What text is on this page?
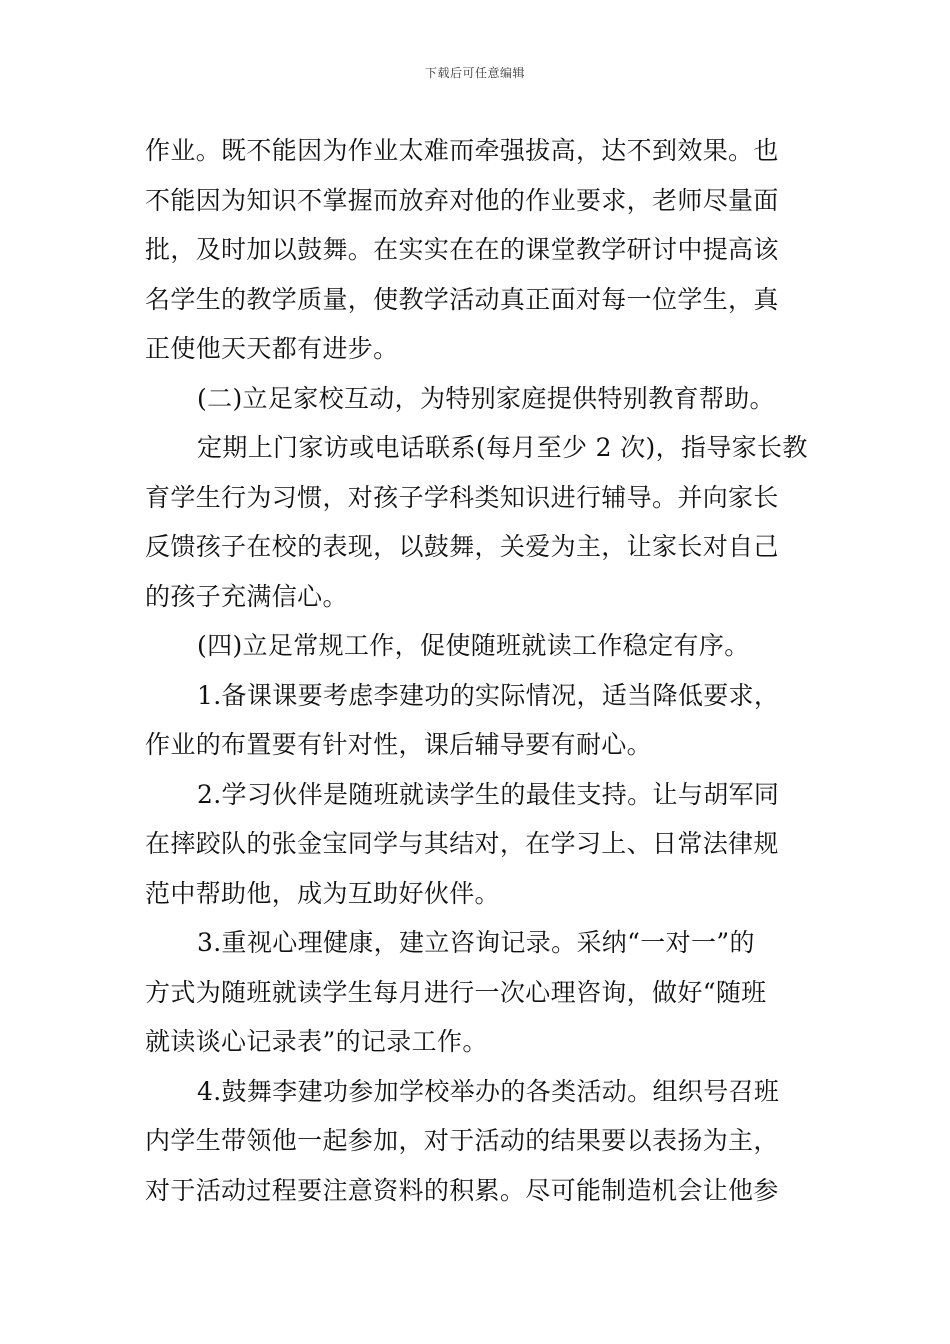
下载后可任意编辑
作业。既不能因为作业太难而牵强拔高，达不到效果。也
不能因为知识不掌握而放弃对他的作业要求，老师尽量面
批，及时加以鼓舞。在实实在在的课堂教学研讨中提高该
名学生的教学质量，使教学活动真正面对每一位学生，真
正使他天天都有进步。
(二)立足家校互动，为特别家庭提供特别教育帮助。
定期上门家访或电话联系(每月至少 2 次)，指导家长教
育学生行为习惯，对孩子学科类知识进行辅导。并向家长
反馈孩子在校的表现，以鼓舞，关爱为主，让家长对自己
的孩子充满信心。
(四)立足常规工作，促使随班就读工作稳定有序。
1.备课课要考虑李建功的实际情况，适当降低要求，
作业的布置要有针对性，课后辅导要有耐心。
2.学习伙伴是随班就读学生的最佳支持。让与胡军同
在摔跤队的张金宝同学与其结对，在学习上、日常法律规
范中帮助他，成为互助好伙伴。
3.重视心理健康，建立咨询记录。采纳“一对一”的
方式为随班就读学生每月进行一次心理咨询，做好“随班
就读谈心记录表”的记录工作。
4.鼓舞李建功参加学校举办的各类活动。组织号召班
内学生带领他一起参加，对于活动的结果要以表扬为主，
对于活动过程要注意资料的积累。尽可能制造机会让他参
